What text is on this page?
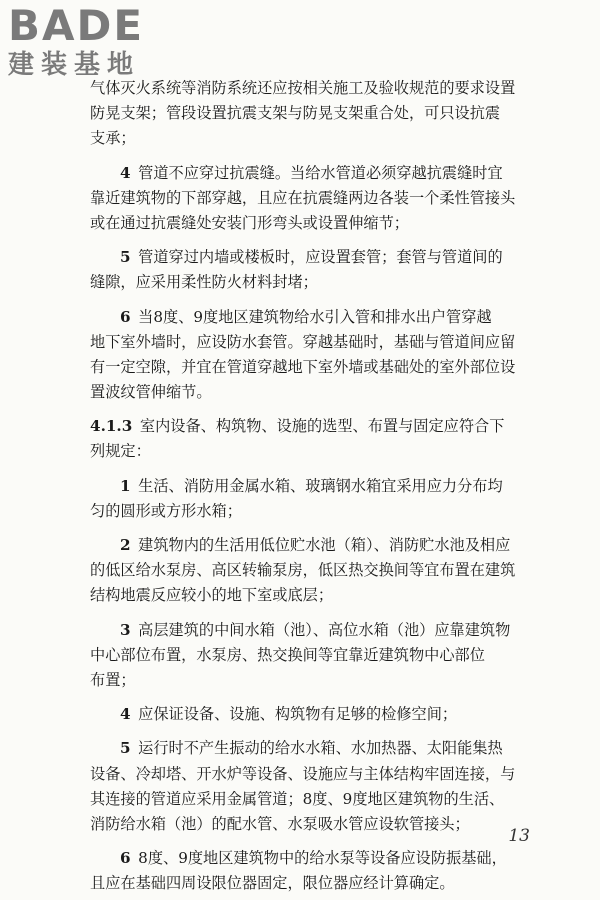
BADE
建装基地
气体灭火系统等消防系统还应按相关施工及验收规范的要求设置
防晃支架；管段设置抗震支架与防晃支架重合处，可只设抗震
支承；
4  管道不应穿过抗震缝。当给水管道必须穿越抗震缝时宜
靠近建筑物的下部穿越，且应在抗震缝两边各装一个柔性管接头
或在通过抗震缝处安装门形弯头或设置伸缩节；
5  管道穿过内墙或楼板时，应设置套管；套管与管道间的
缝隙，应采用柔性防火材料封堵；
6  当8度、9度地区建筑物给水引入管和排水出户管穿越
地下室外墙时，应设防水套管。穿越基础时，基础与管道间应留
有一定空隙，并宜在管道穿越地下室外墙或基础处的室外部位设
置波纹管伸缩节。
4.1.3  室内设备、构筑物、设施的选型、布置与固定应符合下
列规定：
1  生活、消防用金属水箱、玻璃钢水箱宜采用应力分布均
匀的圆形或方形水箱；
2  建筑物内的生活用低位贮水池（箱）、消防贮水池及相应
的低区给水泵房、高区转输泵房，低区热交换间等宜布置在建筑
结构地震反应较小的地下室或底层；
3  高层建筑的中间水箱（池）、高位水箱（池）应靠建筑物
中心部位布置，水泵房、热交换间等宜靠近建筑物中心部位
布置；
4  应保证设备、设施、构筑物有足够的检修空间；
5  运行时不产生振动的给水水箱、水加热器、太阳能集热
设备、冷却塔、开水炉等设备、设施应与主体结构牢固连接，与
其连接的管道应采用金属管道；8度、9度地区建筑物的生活、
消防给水箱（池）的配水管、水泵吸水管应设软管接头；
6  8度、9度地区建筑物中的给水泵等设备应设防振基础，
且应在基础四周设限位器固定，限位器应经计算确定。
13
